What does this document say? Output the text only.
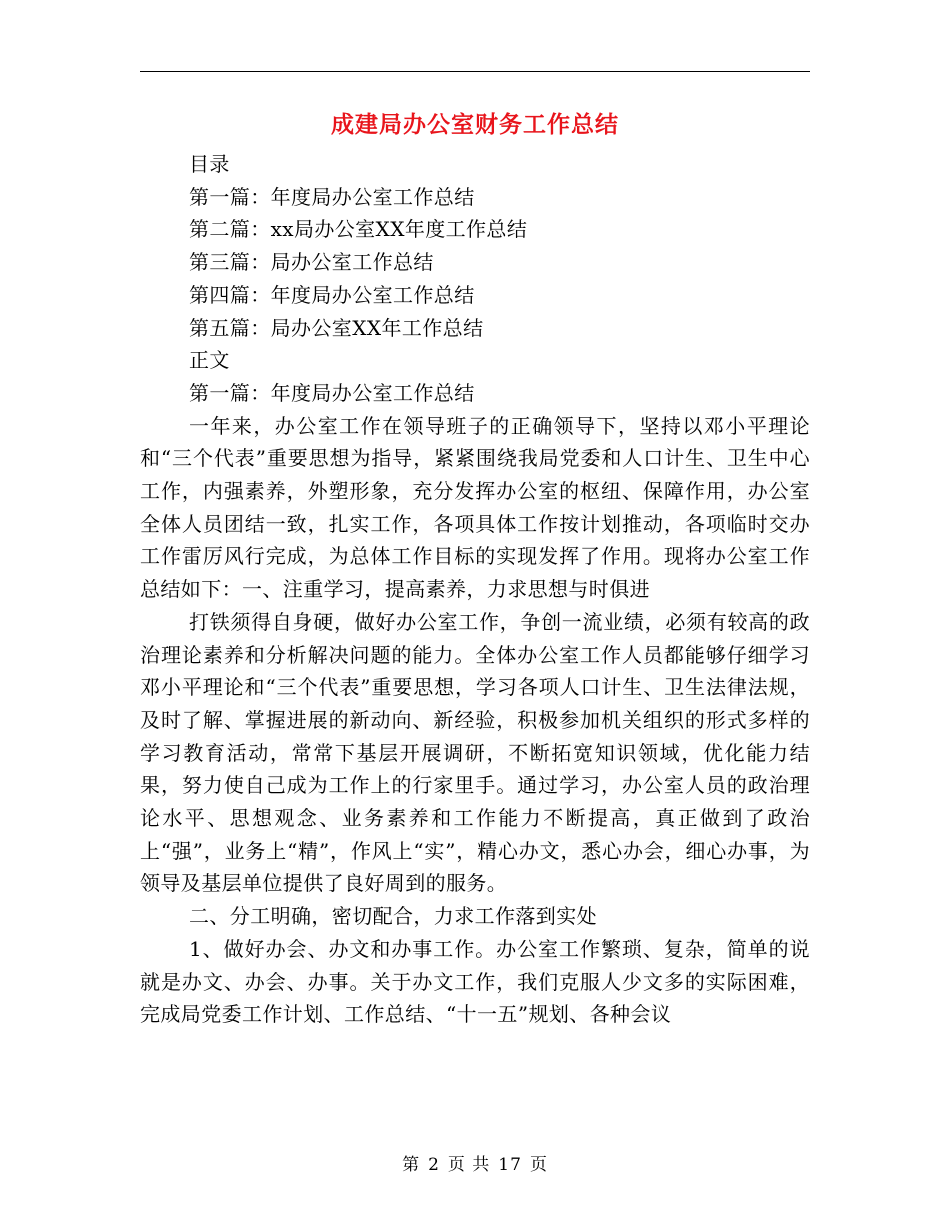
成建局办公室财务工作总结

目录

第一篇：年度局办公室工作总结

第二篇：xx局办公室XX年度工作总结

第三篇：局办公室工作总结

第四篇：年度局办公室工作总结

第五篇：局办公室XX年工作总结

正文

第一篇：年度局办公室工作总结

一年来，办公室工作在领导班子的正确领导下，坚持以邓小平理论和“三个代表”重要思想为指导，紧紧围绕我局党委和人口计生、卫生中心工作，内强素养，外塑形象，充分发挥办公室的枢纽、保障作用，办公室全体人员团结一致，扎实工作，各项具体工作按计划推动，各项临时交办工作雷厉风行完成，为总体工作目标的实现发挥了作用。现将办公室工作总结如下：一、注重学习，提高素养，力求思想与时俱进

打铁须得自身硬，做好办公室工作，争创一流业绩，必须有较高的政治理论素养和分析解决问题的能力。全体办公室工作人员都能够仔细学习邓小平理论和“三个代表”重要思想，学习各项人口计生、卫生法律法规，及时了解、掌握进展的新动向、新经验，积极参加机关组织的形式多样的学习教育活动，常常下基层开展调研，不断拓宽知识领域，优化能力结果，努力使自己成为工作上的行家里手。通过学习，办公室人员的政治理论水平、思想观念、业务素养和工作能力不断提高，真正做到了政治上“强”，业务上“精”，作风上“实”，精心办文，悉心办会，细心办事，为领导及基层单位提供了良好周到的服务。

二、分工明确，密切配合，力求工作落到实处

1、做好办会、办文和办事工作。办公室工作繁琐、复杂，简单的说就是办文、办会、办事。关于办文工作，我们克服人少文多的实际困难，完成局党委工作计划、工作总结、“十一五”规划、各种会议

第 2 页 共 17 页
